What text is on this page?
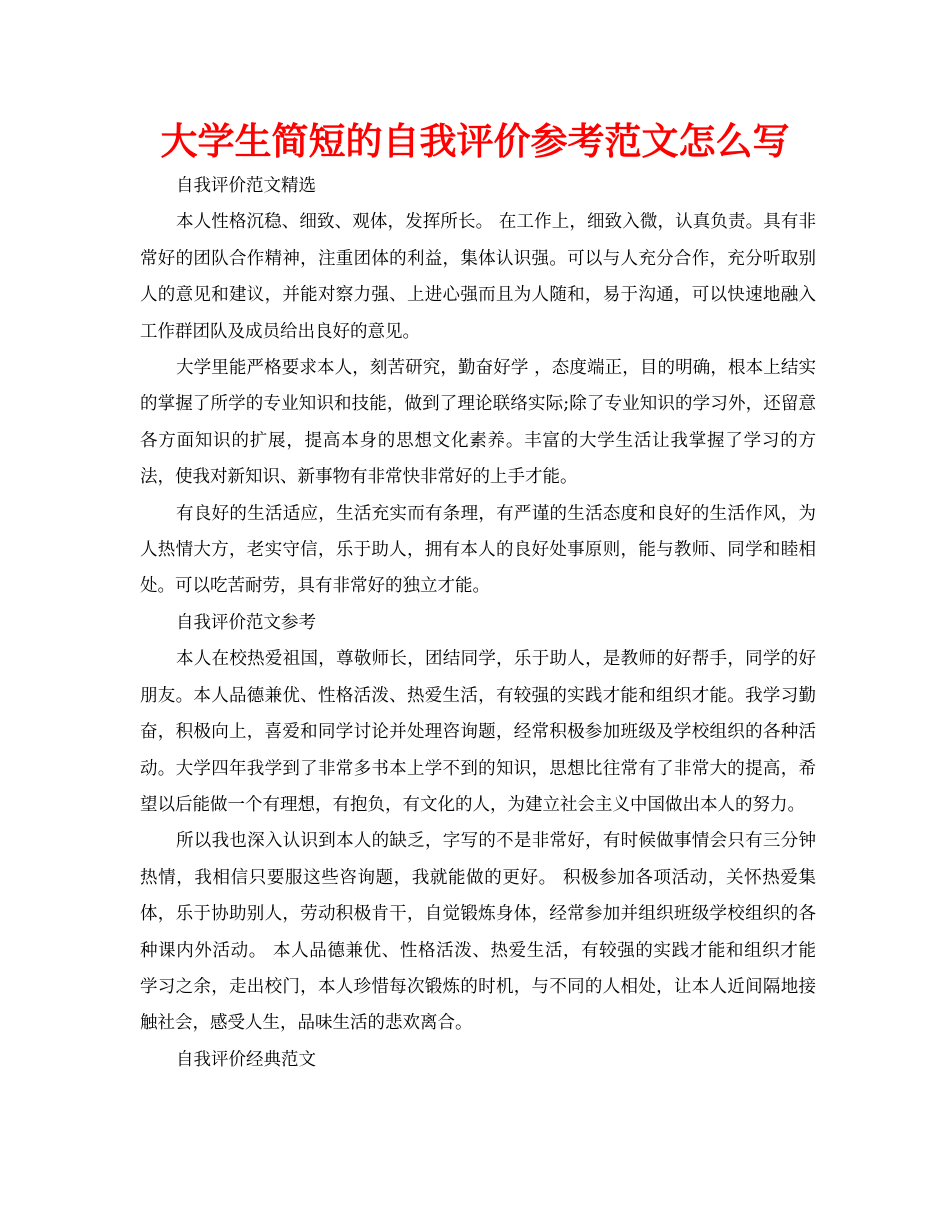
大学生简短的自我评价参考范文怎么写

自我评价范文精选

本人性格沉稳、细致、观体，发挥所长。 在工作上，细致入微，认真负责。具有非常好的团队合作精神，注重团体的利益，集体认识强。可以与人充分合作，充分听取别人的意见和建议，并能对察力强、上进心强而且为人随和，易于沟通，可以快速地融入工作群团队及成员给出良好的意见。

大学里能严格要求本人，刻苦研究，勤奋好学 ，态度端正，目的明确，根本上结实的掌握了所学的专业知识和技能，做到了理论联络实际;除了专业知识的学习外，还留意各方面知识的扩展，提高本身的思想文化素养。丰富的大学生活让我掌握了学习的方法，使我对新知识、新事物有非常快非常好的上手才能。

有良好的生活适应，生活充实而有条理，有严谨的生活态度和良好的生活作风，为人热情大方，老实守信，乐于助人，拥有本人的良好处事原则，能与教师、同学和睦相处。可以吃苦耐劳，具有非常好的独立才能。

自我评价范文参考

本人在校热爱祖国，尊敬师长，团结同学，乐于助人，是教师的好帮手，同学的好朋友。本人品德兼优、性格活泼、热爱生活，有较强的实践才能和组织才能。我学习勤奋，积极向上，喜爱和同学讨论并处理咨询题，经常积极参加班级及学校组织的各种活动。大学四年我学到了非常多书本上学不到的知识，思想比往常有了非常大的提高，希望以后能做一个有理想，有抱负，有文化的人，为建立社会主义中国做出本人的努力。

所以我也深入认识到本人的缺乏，字写的不是非常好，有时候做事情会只有三分钟热情，我相信只要服这些咨询题，我就能做的更好。 积极参加各项活动，关怀热爱集体，乐于协助别人，劳动积极肯干，自觉锻炼身体，经常参加并组织班级学校组织的各种课内外活动。 本人品德兼优、性格活泼、热爱生活，有较强的实践才能和组织才能 学习之余，走出校门，本人珍惜每次锻炼的时机，与不同的人相处，让本人近间隔地接触社会，感受人生，品味生活的悲欢离合。

自我评价经典范文
